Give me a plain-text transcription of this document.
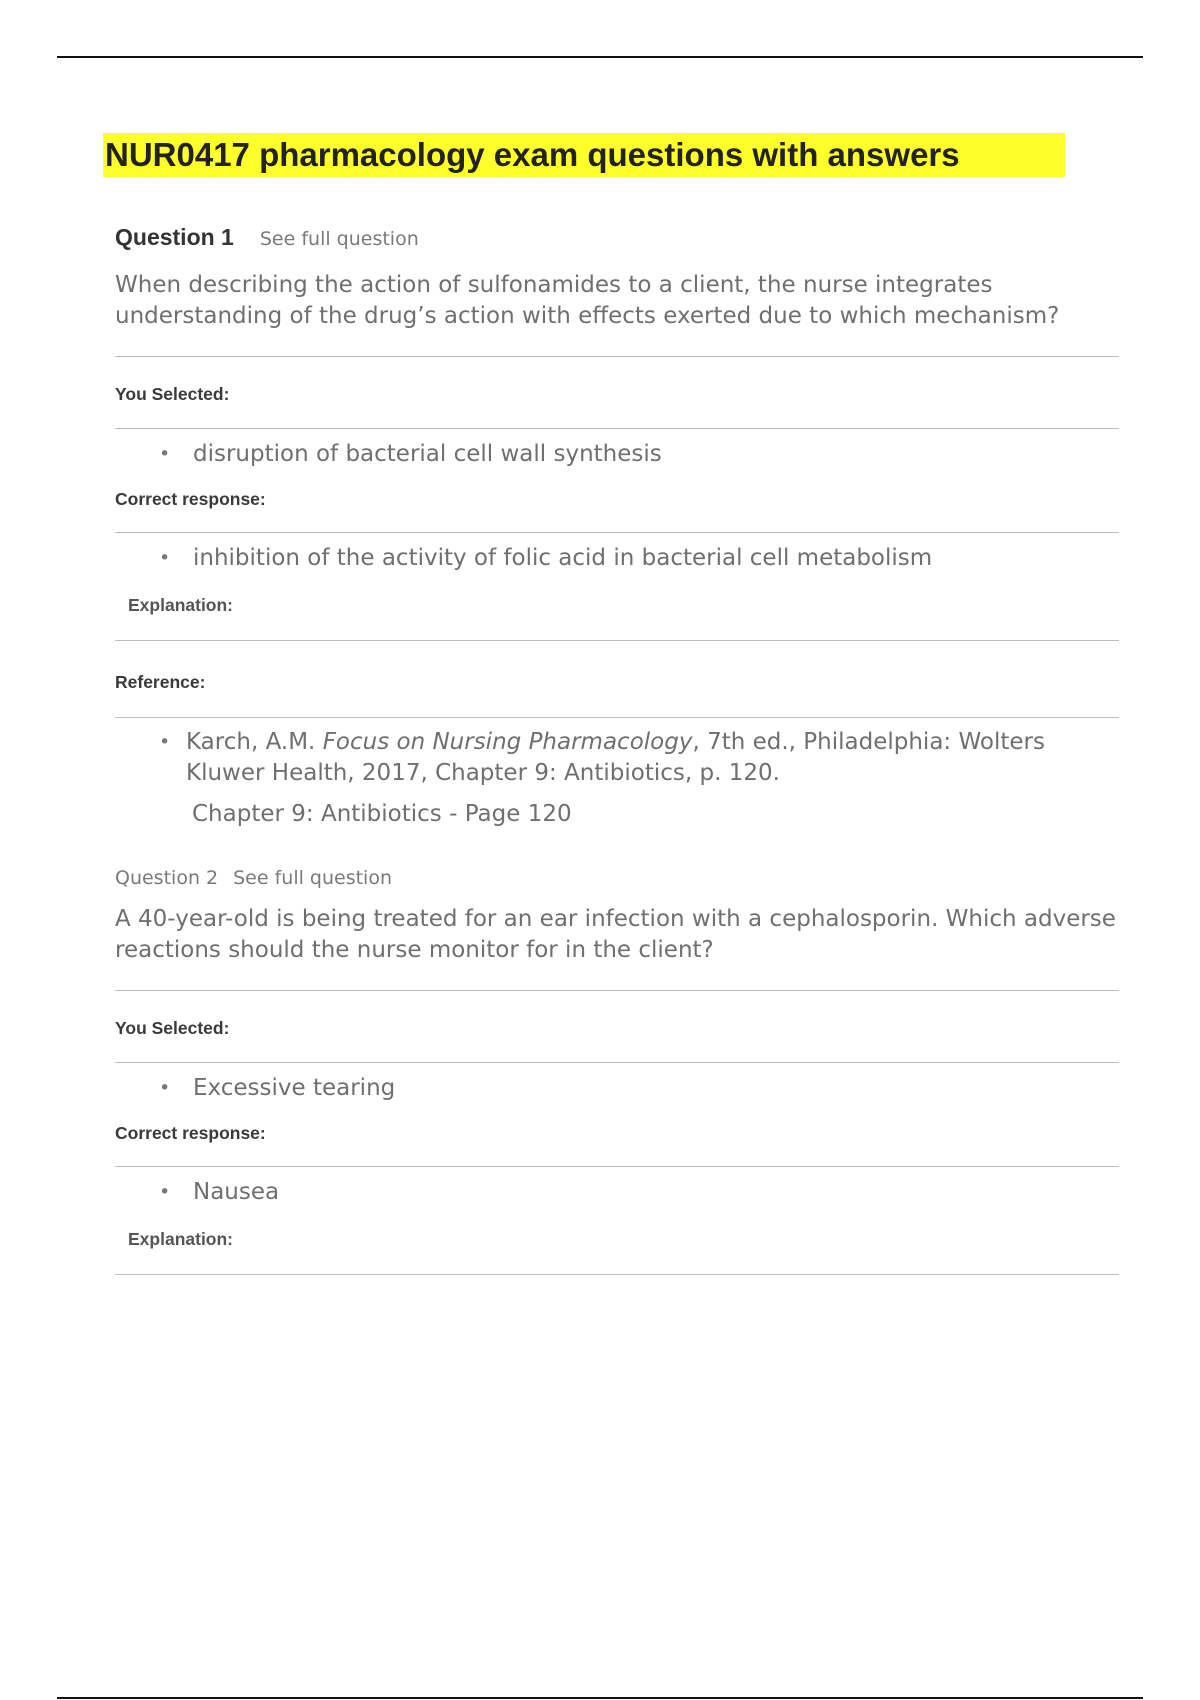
NUR0417 pharmacology exam questions with answers
Question 1 See full question

When describing the action of sulfonamides to a client, the nurse integrates understanding of the drug’s action with effects exerted due to which mechanism?

You Selected:
• disruption of bacterial cell wall synthesis
Correct response:
• inhibition of the activity of folic acid in bacterial cell metabolism
Explanation:
Reference:
• Karch, A.M. Focus on Nursing Pharmacology, 7th ed., Philadelphia: Wolters Kluwer Health, 2017, Chapter 9: Antibiotics, p. 120.
Chapter 9: Antibiotics - Page 120
Question 2 See full question

A 40-year-old is being treated for an ear infection with a cephalosporin. Which adverse reactions should the nurse monitor for in the client?

You Selected:
• Excessive tearing
Correct response:
• Nausea
Explanation:
